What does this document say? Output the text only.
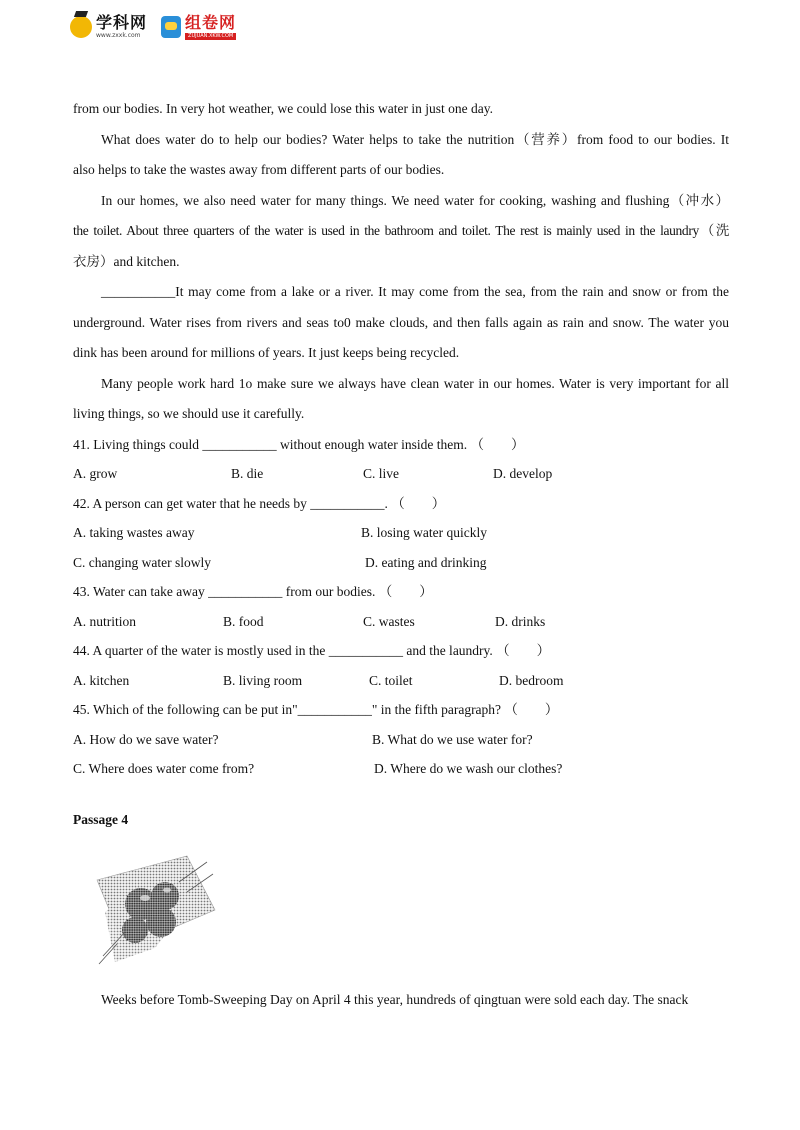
学科网
www.zxxk.com
组卷网
ZUJUAN.XKW.COM
from our bodies. In very hot weather, we could lose this water in just one day.
What does water do to help our bodies? Water helps to take the nutrition（营养）from food to our bodies. It
also helps to take the wastes away from different parts of our bodies.
In our homes, we also need water for many things. We need water for cooking, washing and flushing（冲水）
the toilet. About three quarters of the water is used in the bathroom and toilet. The rest is mainly used in the laundry（洗
衣房）and kitchen.
___________It may come from a lake or a river. It may come from the sea, from the rain and snow or from the
underground. Water rises from rivers and seas to0 make clouds, and then falls again as rain and snow. The water you
dink has been around for millions of years. It just keeps being recycled.
Many people work hard 1o make sure we always have clean water in our homes. Water is very important for all
living things, so we should use it carefully.
41. Living things could ___________ without enough water inside them. （　　）
A. grow	B. die	C. live	D. develop
42. A person can get water that he needs by ___________. （　　）
A. taking wastes away	B. losing water quickly
C. changing water slowly	D. eating and drinking
43. Water can take away ___________ from our bodies. （　　）
A. nutrition	B. food	C. wastes	D. drinks
44. A quarter of the water is mostly used in the ___________ and the laundry. （　　）
A. kitchen	B. living room	C. toilet	D. bedroom
45. Which of the following can be put in"___________" in the fifth paragraph? （　　）
A. How do we save water?	B. What do we use water for?
C. Where does water come from?	D. Where do we wash our clothes?
Passage 4
Weeks before Tomb-Sweeping Day on April 4 this year, hundreds of qingtuan were sold each day. The snack
